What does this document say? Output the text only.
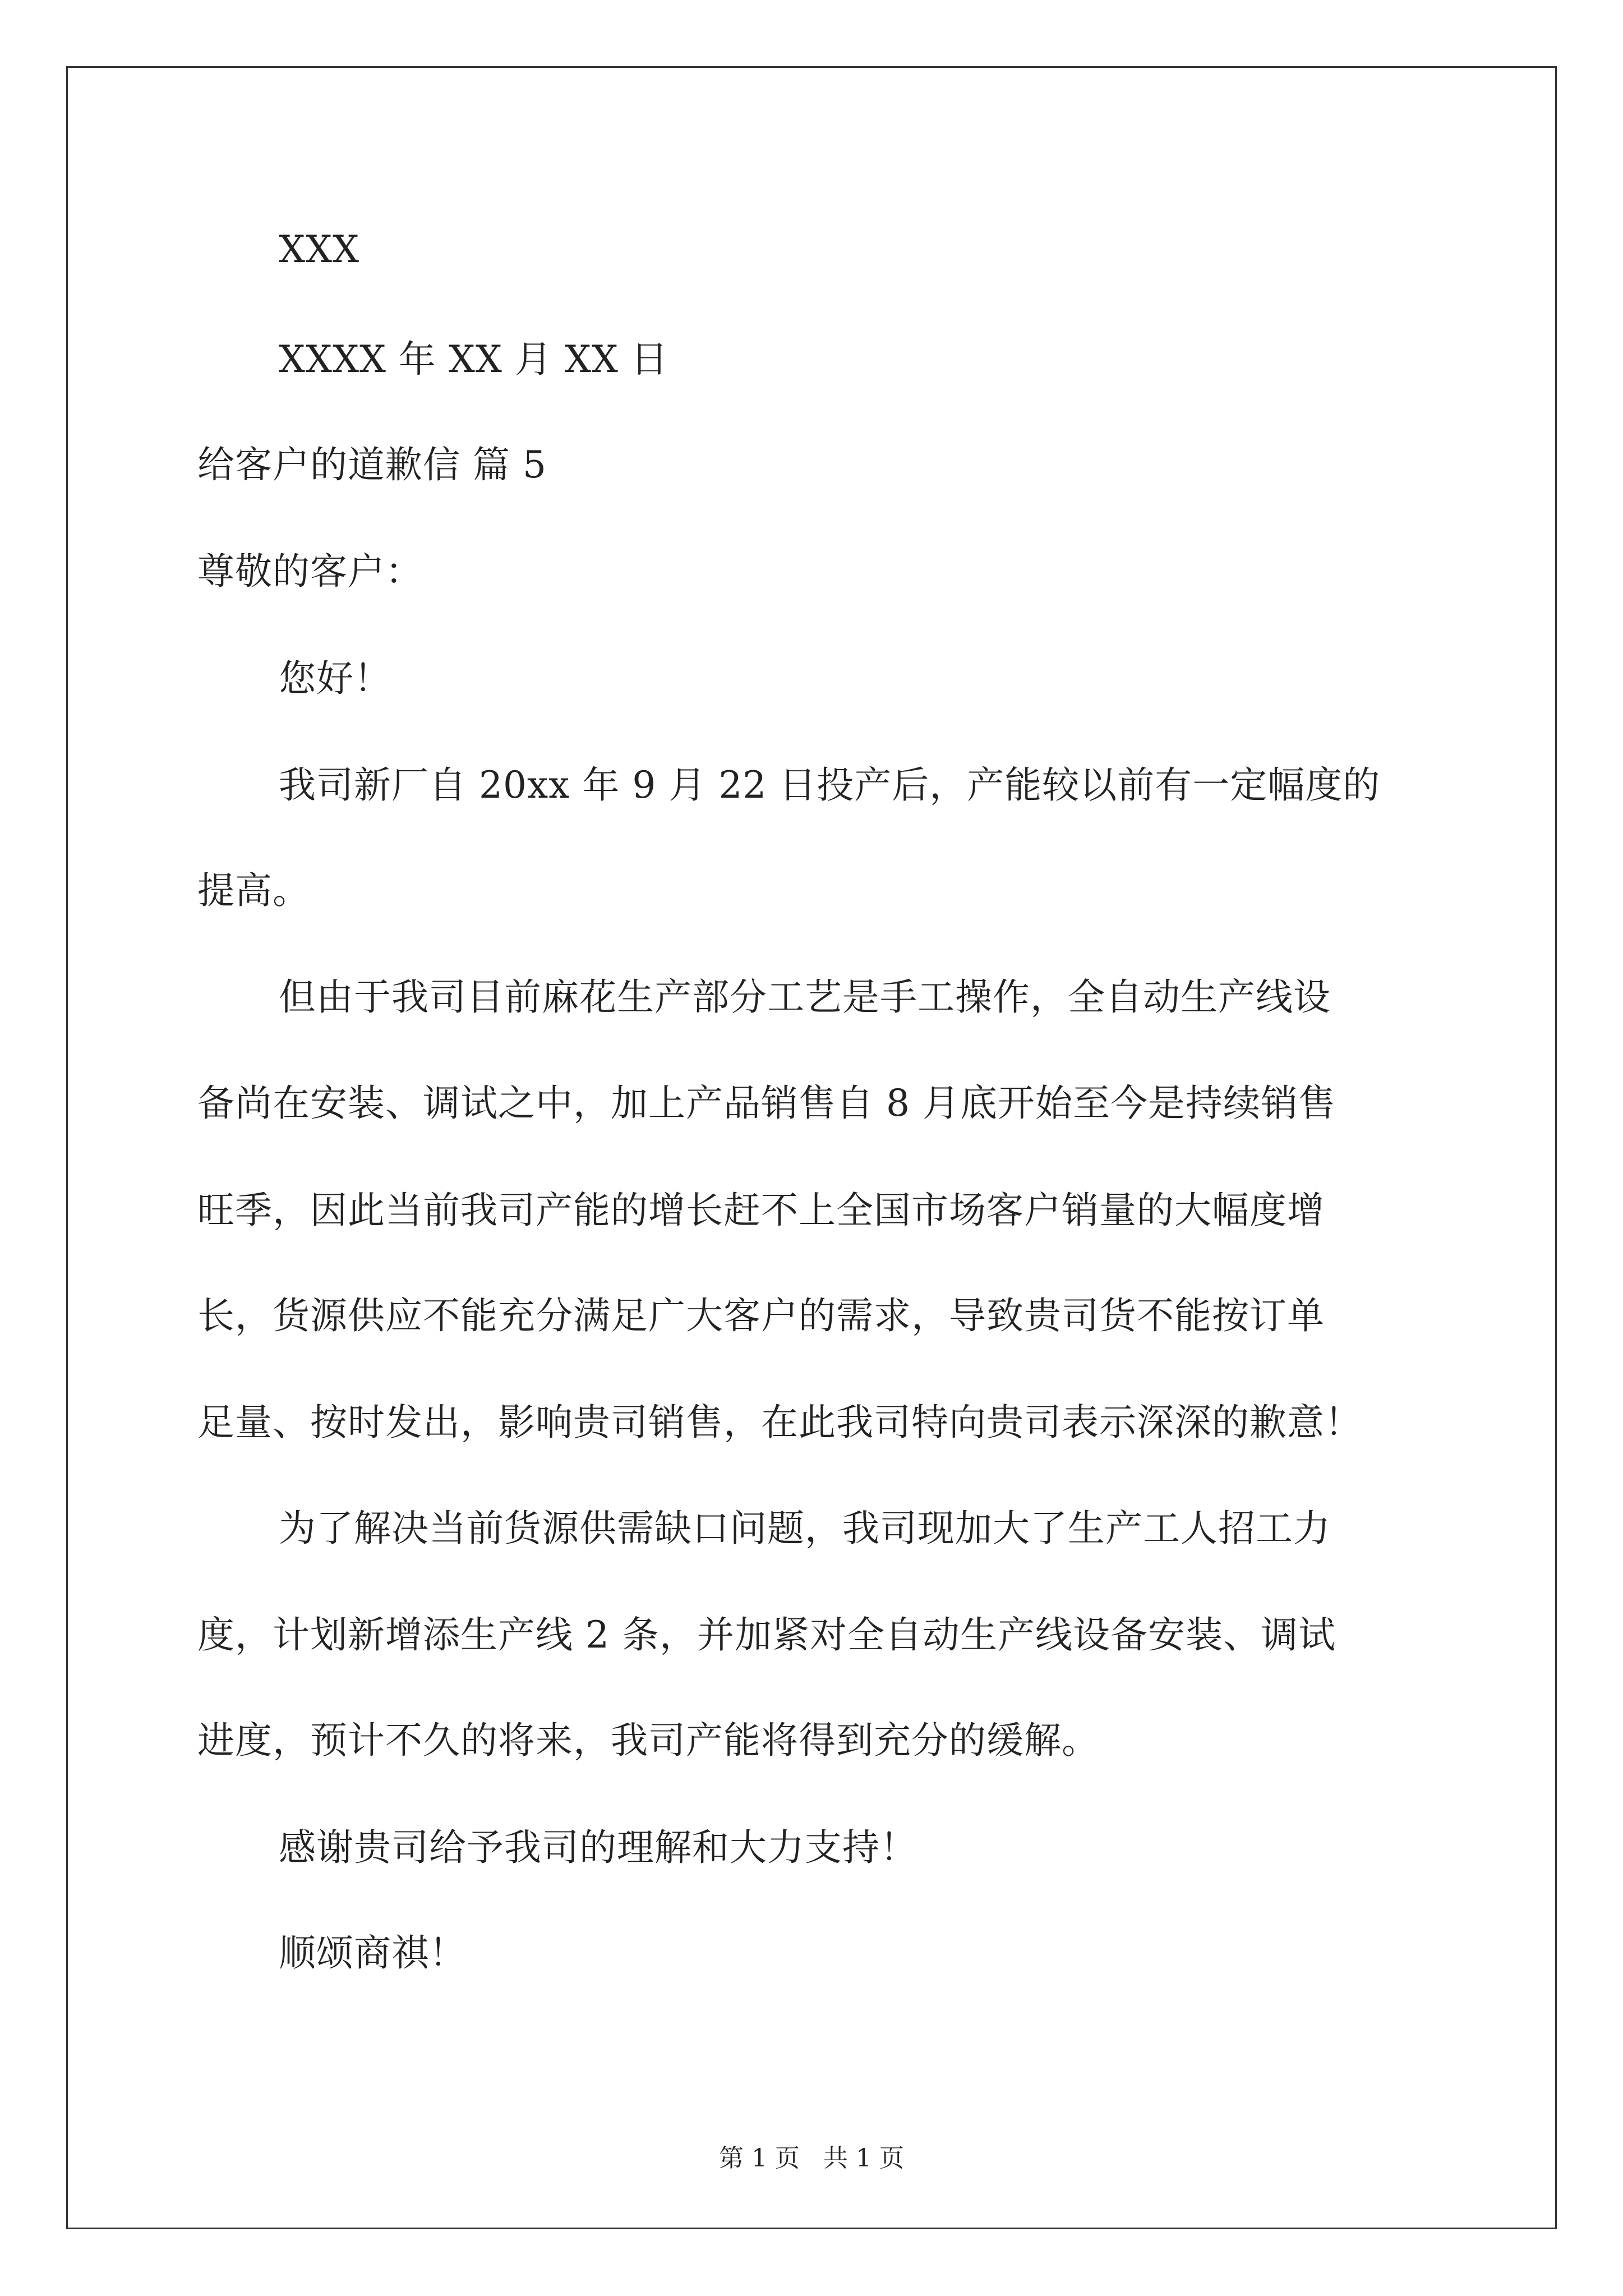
XXX
XXXX 年 XX 月 XX 日
给客户的道歉信 篇 5
尊敬的客户：
您好！
我司新厂自 20xx 年 9 月 22 日投产后，产能较以前有一定幅度的
提高。
但由于我司目前麻花生产部分工艺是手工操作，全自动生产线设
备尚在安装、调试之中，加上产品销售自 8 月底开始至今是持续销售
旺季，因此当前我司产能的增长赶不上全国市场客户销量的大幅度增
长，货源供应不能充分满足广大客户的需求，导致贵司货不能按订单
足量、按时发出，影响贵司销售，在此我司特向贵司表示深深的歉意！
为了解决当前货源供需缺口问题，我司现加大了生产工人招工力
度，计划新增添生产线 2 条，并加紧对全自动生产线设备安装、调试
进度，预计不久的将来，我司产能将得到充分的缓解。
感谢贵司给予我司的理解和大力支持！
顺颂商祺！
第 1 页   共 1 页
